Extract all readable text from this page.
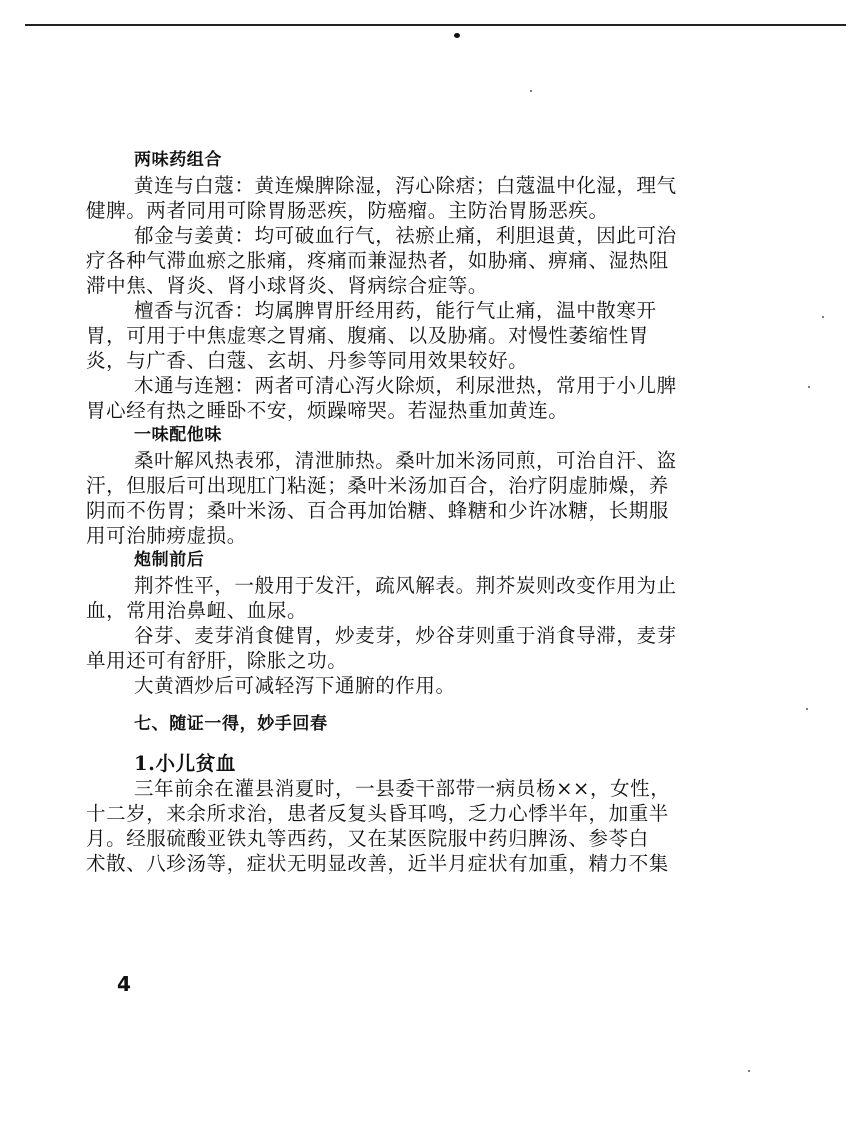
两味药组合
黄连与白蔻：黄连燥脾除湿，泻心除痞；白蔻温中化湿，理气
健脾。两者同用可除胃肠恶疾，防癌瘤。主防治胃肠恶疾。
郁金与姜黄：均可破血行气，祛瘀止痛，利胆退黄，因此可治
疗各种气滞血瘀之胀痛，疼痛而兼湿热者，如胁痛、痹痛、湿热阻
滞中焦、肾炎、肾小球肾炎、肾病综合症等。
檀香与沉香：均属脾胃肝经用药，能行气止痛，温中散寒开
胃，可用于中焦虚寒之胃痛、腹痛、以及胁痛。对慢性萎缩性胃
炎，与广香、白蔻、玄胡、丹参等同用效果较好。
木通与连翘：两者可清心泻火除烦，利尿泄热，常用于小儿脾
胃心经有热之睡卧不安，烦躁啼哭。若湿热重加黄连。
一味配他味
桑叶解风热表邪，清泄肺热。桑叶加米汤同煎，可治自汗、盗
汗，但服后可出现肛门粘涎；桑叶米汤加百合，治疗阴虚肺燥，养
阴而不伤胃；桑叶米汤、百合再加饴糖、蜂糖和少许冰糖，长期服
用可治肺痨虚损。
炮制前后
荆芥性平，一般用于发汗，疏风解表。荆芥炭则改变作用为止
血，常用治鼻衄、血尿。
谷芽、麦芽消食健胃，炒麦芽，炒谷芽则重于消食导滞，麦芽
单用还可有舒肝，除胀之功。
大黄酒炒后可减轻泻下通腑的作用。
七、随证一得，妙手回春
1.小儿贫血
三年前余在灌县消夏时，一县委干部带一病员杨××，女性，
十二岁，来余所求治，患者反复头昏耳鸣，乏力心悸半年，加重半
月。经服硫酸亚铁丸等西药，又在某医院服中药归脾汤、参苓白
术散、八珍汤等，症状无明显改善，近半月症状有加重，精力不集
4
